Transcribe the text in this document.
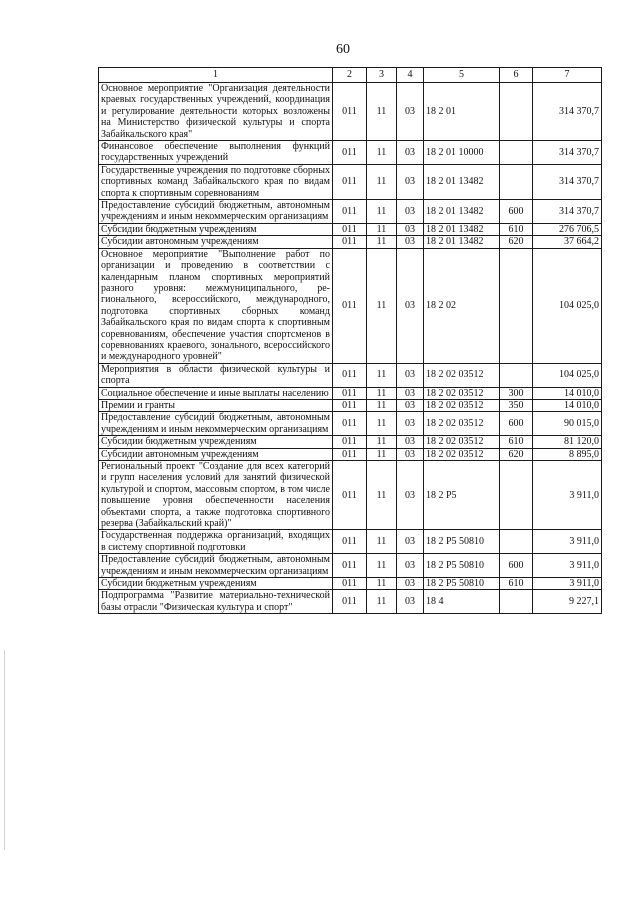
60
1	2	3	4	5	6	7
Основное мероприятие "Организация деятельности краевых государственных учреждений, координация и регулирование деятельности которых возложены на Министерство физической культуры и спорта Забайкальского края"	011	11	03	18 2 01		314 370,7
Финансовое обеспечение выполнения функций государственных учреждений	011	11	03	18 2 01 10000		314 370,7
Государственные учреждения по подготовке сборных спортивных команд Забайкальского края по видам спорта к спортивным соревнованиям	011	11	03	18 2 01 13482		314 370,7
Предоставление субсидий бюджетным, автономным учреждениям и иным некоммерческим организациям	011	11	03	18 2 01 13482	600	314 370,7
Субсидии бюджетным учреждениям	011	11	03	18 2 01 13482	610	276 706,5
Субсидии автономным учреждениям	011	11	03	18 2 01 13482	620	37 664,2
Основное мероприятие "Выполнение работ по организации и проведению в соответствии с календарным планом спортивных мероприятий разного уровня: межмуниципального, регионального, всероссийского, международного, подготовка спортивных сборных команд Забайкальского края по видам спорта к спортивным соревнованиям, обеспечение участия спортсменов в соревнованиях краевого, зонального, всероссийского и международного уровней"	011	11	03	18 2 02		104 025,0
Мероприятия в области физической культуры и спорта	011	11	03	18 2 02 03512		104 025,0
Социальное обеспечение и иные выплаты населению	011	11	03	18 2 02 03512	300	14 010,0
Премии и гранты	011	11	03	18 2 02 03512	350	14 010,0
Предоставление субсидий бюджетным, автономным учреждениям и иным некоммерческим организациям	011	11	03	18 2 02 03512	600	90 015,0
Субсидии бюджетным учреждениям	011	11	03	18 2 02 03512	610	81 120,0
Субсидии автономным учреждениям	011	11	03	18 2 02 03512	620	8 895,0
Региональный проект "Создание для всех категорий и групп населения условий для занятий физической культурой и спортом, массовым спортом, в том числе повышение уровня обеспеченности населения объектами спорта, а также подготовка спортивного резерва (Забайкальский край)"	011	11	03	18 2 P5		3 911,0
Государственная поддержка организаций, входящих в систему спортивной подготовки	011	11	03	18 2 P5 50810		3 911,0
Предоставление субсидий бюджетным, автономным учреждениям и иным некоммерческим организациям	011	11	03	18 2 P5 50810	600	3 911,0
Субсидии бюджетным учреждениям	011	11	03	18 2 P5 50810	610	3 911,0
Подпрограмма "Развитие материально-технической базы отрасли "Физическая культура и спорт"	011	11	03	18 4		9 227,1
